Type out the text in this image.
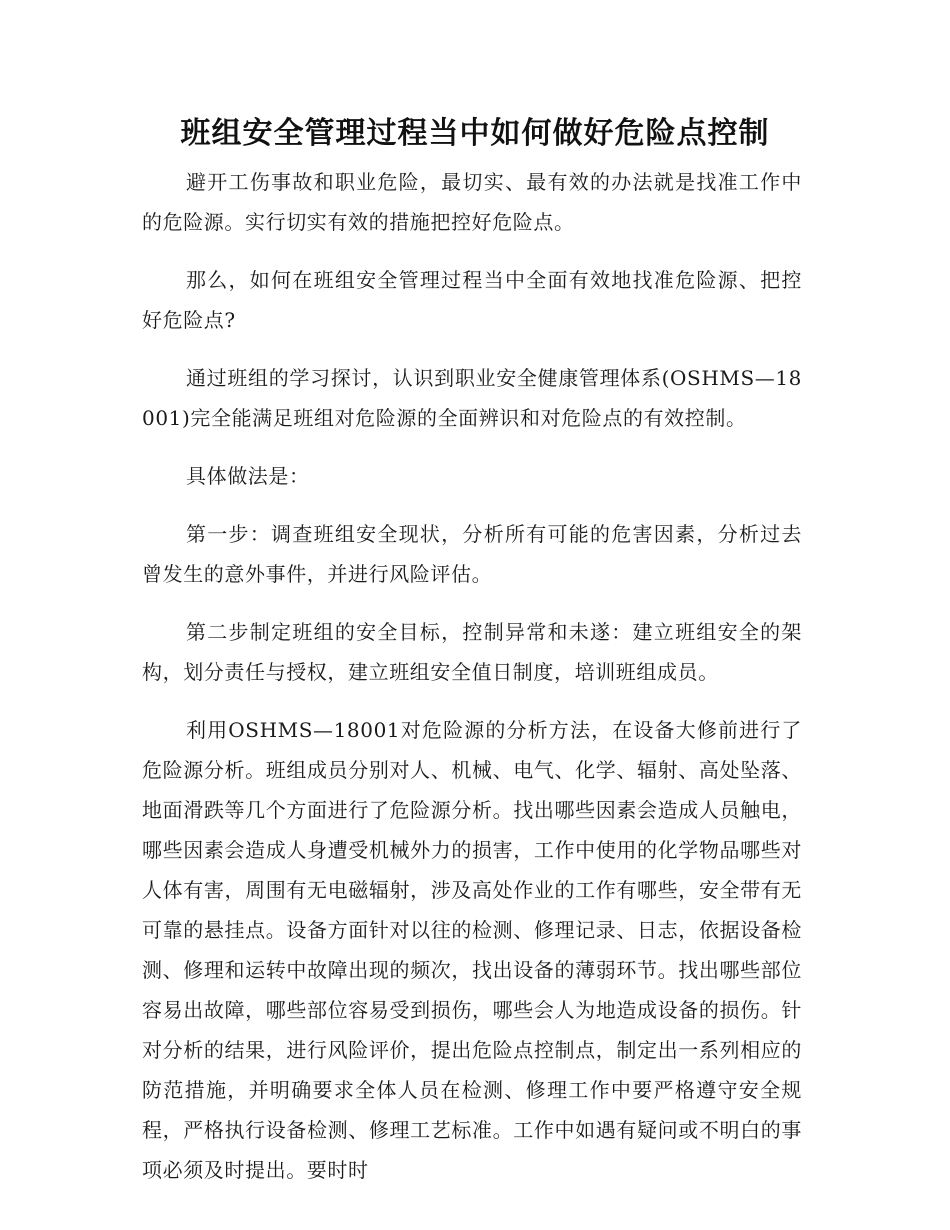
班组安全管理过程当中如何做好危险点控制

避开工伤事故和职业危险，最切实、最有效的办法就是找准工作中的危险源。实行切实有效的措施把控好危险点。

那么，如何在班组安全管理过程当中全面有效地找准危险源、把控好危险点?

通过班组的学习探讨，认识到职业安全健康管理体系(OSHMS—18001)完全能满足班组对危险源的全面辨识和对危险点的有效控制。

具体做法是：

第一步：调查班组安全现状，分析所有可能的危害因素，分析过去曾发生的意外事件，并进行风险评估。

第二步制定班组的安全目标，控制异常和未遂：建立班组安全的架构，划分责任与授权，建立班组安全值日制度，培训班组成员。

利用OSHMS—18001对危险源的分析方法，在设备大修前进行了危险源分析。班组成员分别对人、机械、电气、化学、辐射、高处坠落、地面滑跌等几个方面进行了危险源分析。找出哪些因素会造成人员触电，哪些因素会造成人身遭受机械外力的损害，工作中使用的化学物品哪些对人体有害，周围有无电磁辐射，涉及高处作业的工作有哪些，安全带有无可靠的悬挂点。设备方面针对以往的检测、修理记录、日志，依据设备检测、修理和运转中故障出现的频次，找出设备的薄弱环节。找出哪些部位容易出故障，哪些部位容易受到损伤，哪些会人为地造成设备的损伤。针对分析的结果，进行风险评价，提出危险点控制点，制定出一系列相应的防范措施，并明确要求全体人员在检测、修理工作中要严格遵守安全规程，严格执行设备检测、修理工艺标准。工作中如遇有疑问或不明白的事项必须及时提出。要时时
